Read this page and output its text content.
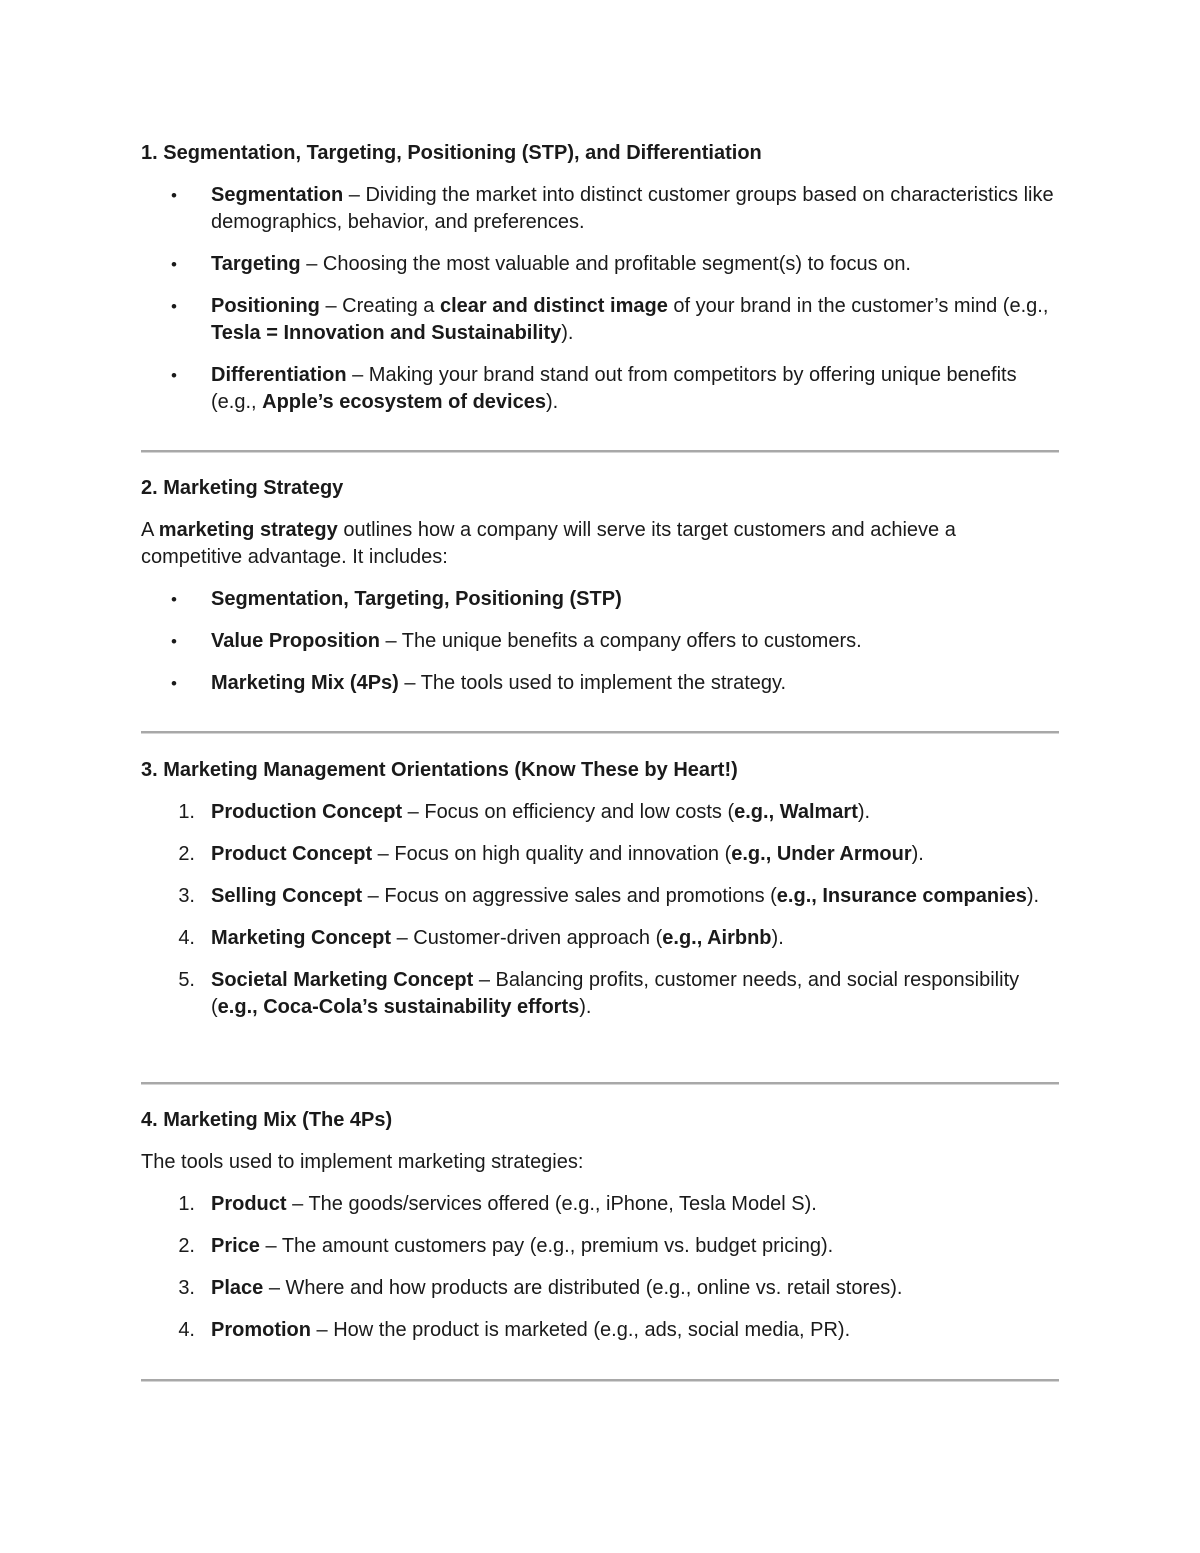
1. Segmentation, Targeting, Positioning (STP), and Differentiation

• Segmentation – Dividing the market into distinct customer groups based on characteristics like demographics, behavior, and preferences.
• Targeting – Choosing the most valuable and profitable segment(s) to focus on.
• Positioning – Creating a clear and distinct image of your brand in the customer’s mind (e.g., Tesla = Innovation and Sustainability).
• Differentiation – Making your brand stand out from competitors by offering unique benefits (e.g., Apple’s ecosystem of devices).

2. Marketing Strategy

A marketing strategy outlines how a company will serve its target customers and achieve a competitive advantage. It includes:

• Segmentation, Targeting, Positioning (STP)
• Value Proposition – The unique benefits a company offers to customers.
• Marketing Mix (4Ps) – The tools used to implement the strategy.

3. Marketing Management Orientations (Know These by Heart!)

1. Production Concept – Focus on efficiency and low costs (e.g., Walmart).
2. Product Concept – Focus on high quality and innovation (e.g., Under Armour).
3. Selling Concept – Focus on aggressive sales and promotions (e.g., Insurance companies).
4. Marketing Concept – Customer-driven approach (e.g., Airbnb).
5. Societal Marketing Concept – Balancing profits, customer needs, and social responsibility (e.g., Coca-Cola’s sustainability efforts).

4. Marketing Mix (The 4Ps)

The tools used to implement marketing strategies:

1. Product – The goods/services offered (e.g., iPhone, Tesla Model S).
2. Price – The amount customers pay (e.g., premium vs. budget pricing).
3. Place – Where and how products are distributed (e.g., online vs. retail stores).
4. Promotion – How the product is marketed (e.g., ads, social media, PR).
